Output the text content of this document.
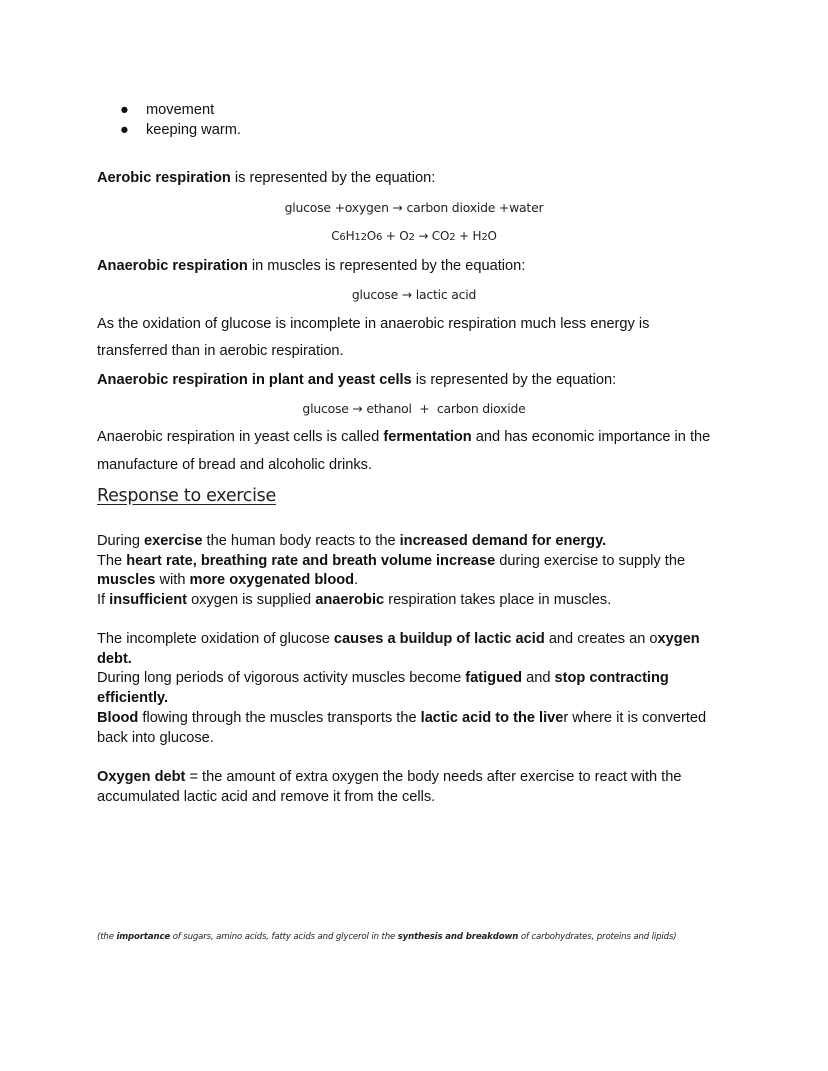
● movement
● keeping warm.
Aerobic respiration is represented by the equation:
glucose +oxygen → carbon dioxide +water
C6H12O6 + O2 → CO2 + H2O
Anaerobic respiration in muscles is represented by the equation:
glucose → lactic acid
As the oxidation of glucose is incomplete in anaerobic respiration much less energy is
transferred than in aerobic respiration.
Anaerobic respiration in plant and yeast cells is represented by the equation:
glucose → ethanol  +  carbon dioxide
Anaerobic respiration in yeast cells is called fermentation and has economic importance in the
manufacture of bread and alcoholic drinks.
Response to exercise
During exercise the human body reacts to the increased demand for energy.
The heart rate, breathing rate and breath volume increase during exercise to supply the
muscles with more oxygenated blood.
If insufficient oxygen is supplied anaerobic respiration takes place in muscles.
The incomplete oxidation of glucose causes a buildup of lactic acid and creates an oxygen
debt.
During long periods of vigorous activity muscles become fatigued and stop contracting
efficiently.
Blood flowing through the muscles transports the lactic acid to the liver where it is converted
back into glucose.
Oxygen debt = the amount of extra oxygen the body needs after exercise to react with the
accumulated lactic acid and remove it from the cells.
(the importance of sugars, amino acids, fatty acids and glycerol in the synthesis and breakdown of carbohydrates, proteins and lipids)
